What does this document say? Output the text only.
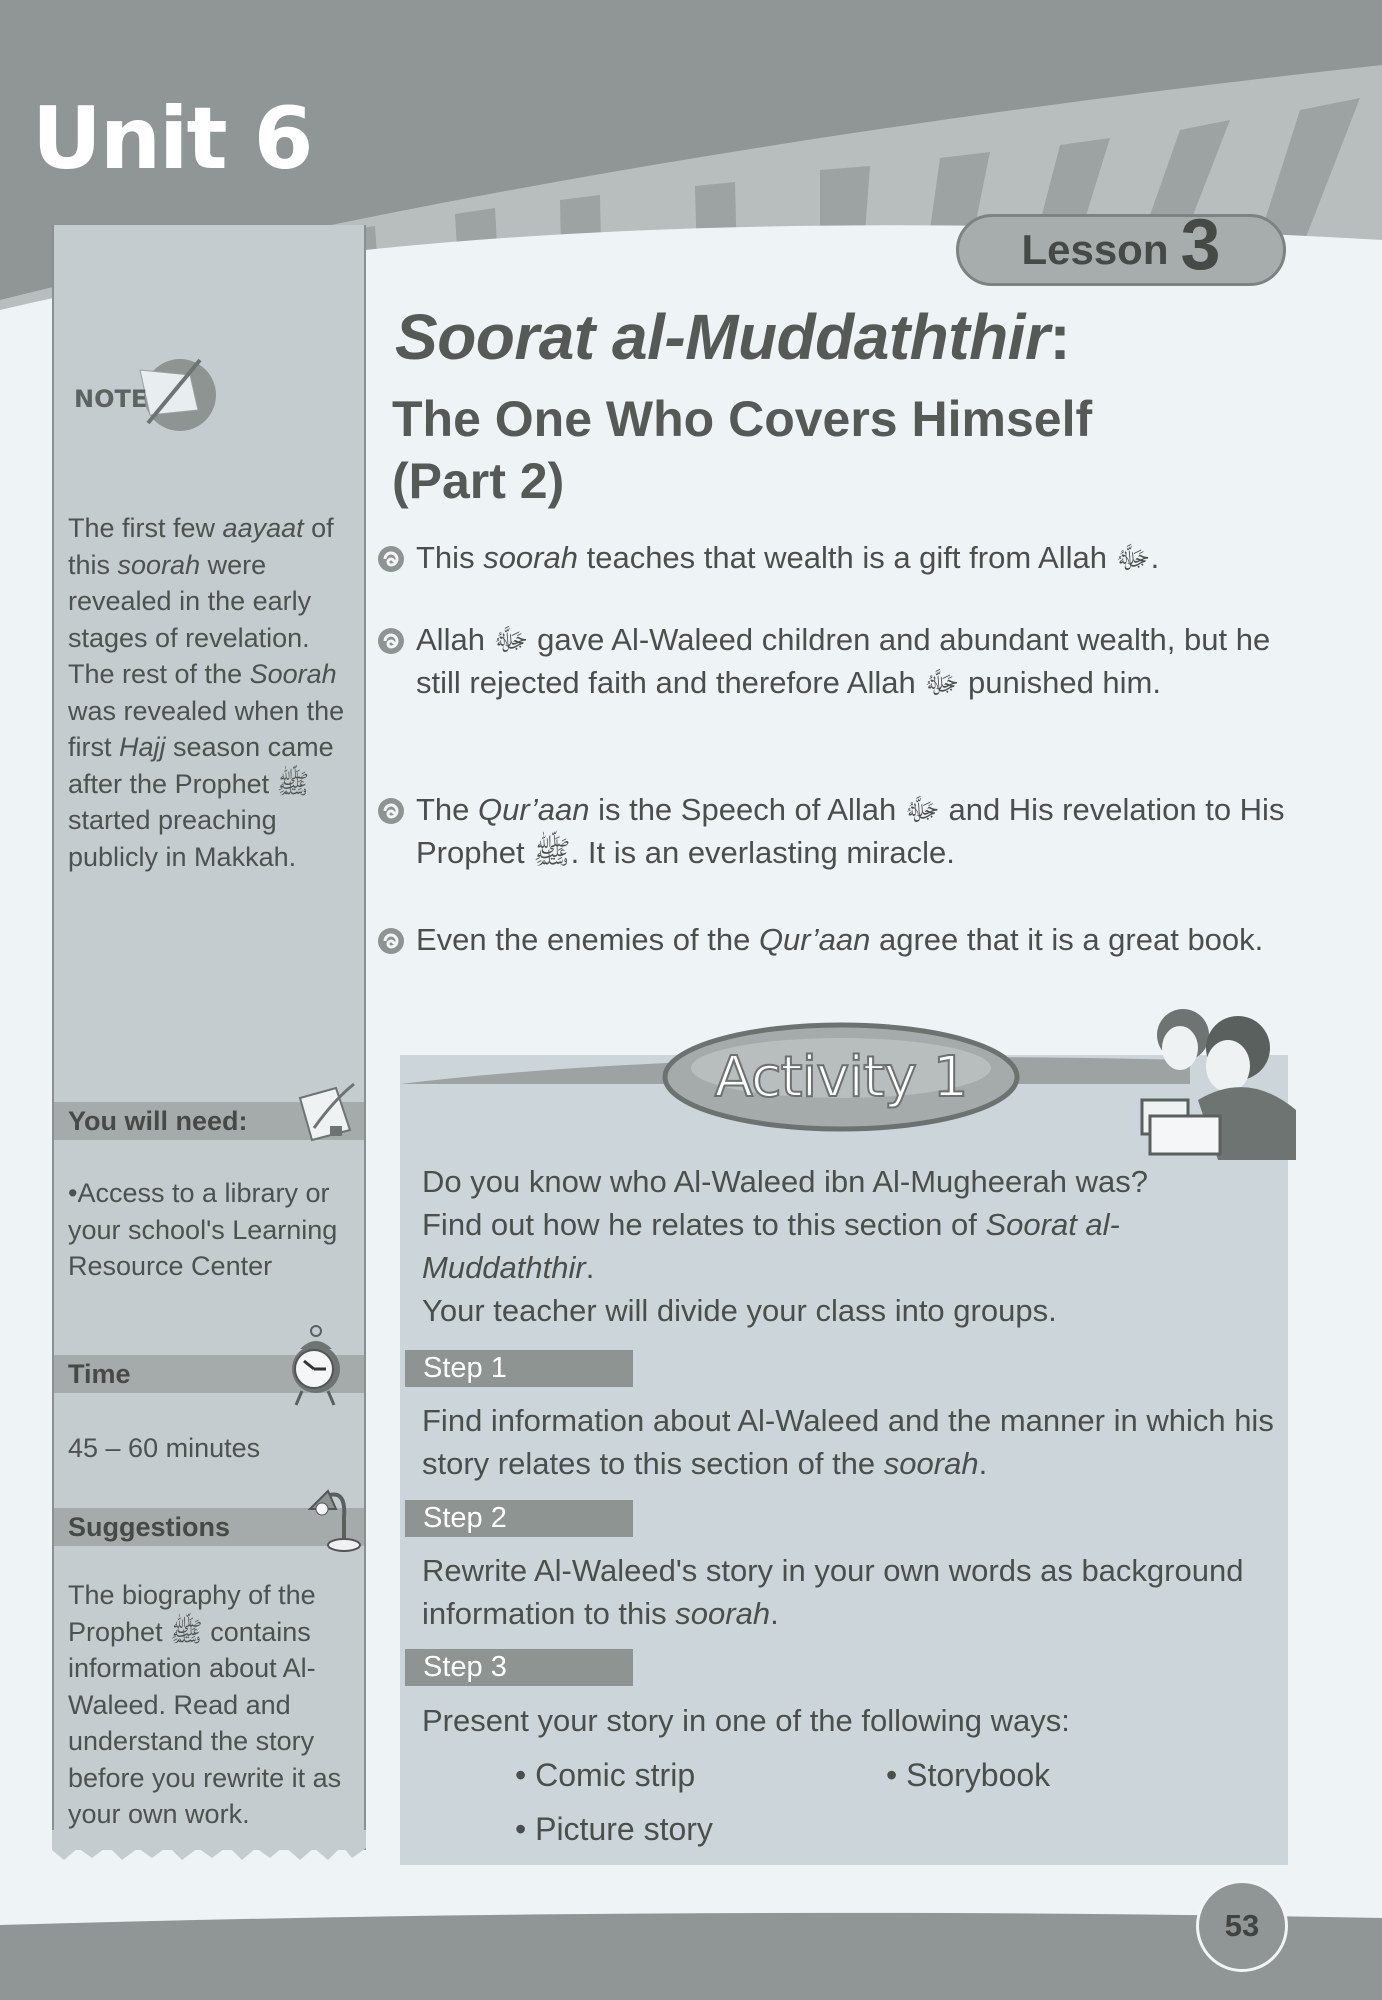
Unit 6
Lesson 3
NOTE
The first few aayaat of this soorah were revealed in the early stages of revelation. The rest of the Soorah was revealed when the first Hajj season came after the Prophet ﷺ started preaching publicly in Makkah.
You will need:
•Access to a library or your school's Learning Resource Center
Time
45 – 60 minutes
Suggestions
The biography of the Prophet ﷺ contains information about Al-Waleed. Read and understand the story before you rewrite it as your own work.
Soorat al-Muddaththir:
The One Who Covers Himself
(Part 2)
This soorah teaches that wealth is a gift from Allah ﷻ.
Allah ﷻ gave Al-Waleed children and abundant wealth, but he still rejected faith and therefore Allah ﷻ punished him.
The Qur’aan is the Speech of Allah ﷻ and His revelation to His Prophet ﷺ. It is an everlasting miracle.
Even the enemies of the Qur’aan agree that it is a great book.
Activity 1
Do you know who Al-Waleed ibn Al-Mugheerah was?
Find out how he relates to this section of Soorat al-Muddaththir.
Your teacher will divide your class into groups.
Step 1
Find information about Al-Waleed and the manner in which his story relates to this section of the soorah.
Step 2
Rewrite Al-Waleed's story in your own words as background information to this soorah.
Step 3
Present your story in one of the following ways:
• Comic strip	• Storybook
• Picture story
53
